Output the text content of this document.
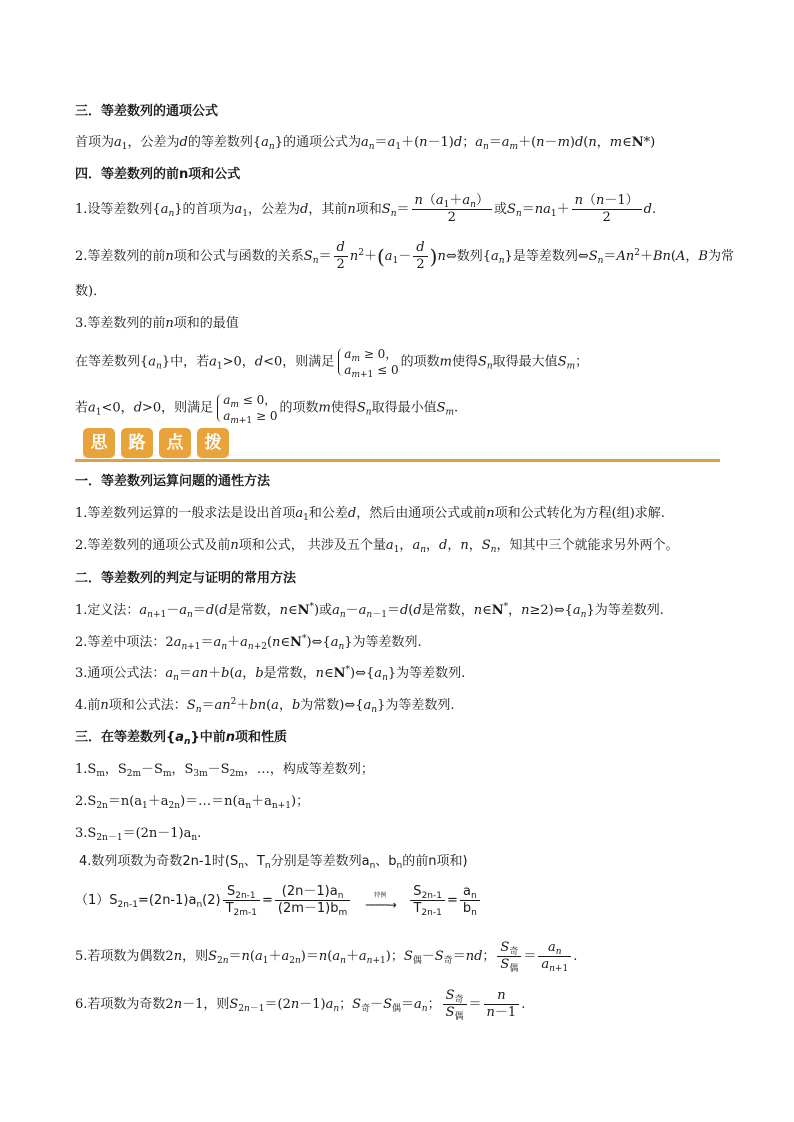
三．等差数列的通项公式
首项为$a_1$，公差为d的等差数列$\{a_n\}$的通项公式为$a_n=a_1+(n-1)d$；$a_n=a_m+(n-m)d(n$，m∈N*)
四．等差数列的前n项和公式
1.设等差数列$\{a_n\}$的首项为$a_1$，公差为d，其前n项和$S_n= \frac{n(a_1+a_n)}{2}$ 或$S_n=na_1+ \frac{n(n-1)}{2} d$.
2.等差数列的前n项和公式与函数的关系$S_n= \frac{d}{2} n^2+(a_1- \frac{d}{2}$ )n⇔数列$\{a_n\}$是等差数列$\Leftrightarrow S_n=An^2+Bn(A$，B为常
数)．
3.等差数列的前n项和的最值
在等差数列$\{a_n\}$中，若$a_1>0$，d<0，则满足
$a_m \ge 0$，
$a_{m+1} \le 0$
的项数m使得$S_n$取得最大值$S_m$；
若$a_1<0$，d>0，则满足
$a_m \le 0$，
$a_{m+1} \ge 0$
的项数m使得$S_n$取得最小值$S_m$.
思	路	点	拨
一．等差数列运算问题的通性方法
1.等差数列运算的一般求法是设出首项$a_1$和公差d，然后由通项公式或前n项和公式转化为方程(组)求解.
2.等差数列的通项公式及前n项和公式， 共涉及五个量$a_1$，$a_n$，d，n，$S_n$，知其中三个就能求另外两个。
二．等差数列的判定与证明的常用方法
1.定义法：$a_{n+1}-a_n=d(d$是常数，n∈N*)或$a_n-a_{n-1}=d(d$是常数，n∈N*，$n\ge 2)\Leftrightarrow\{a_n\}$为等差数列.
2.等差中项法：$2a_{n+1}=a_n+a_{n+2}(n\in N^*)\Leftrightarrow\{a_n\}$为等差数列.
3.通项公式法：$a_n=an+b(a$，b是常数，$n\in N^*)\Leftrightarrow\{a_n\}$为等差数列.
4.前n项和公式法：$S_n=an^2+bn(a$，b为常数)$\Leftrightarrow\{a_n\}$为等差数列.
三．在等差数列$\{a_n\}$中前n项和性质
$1.S_m$，$S_{2m}-S_m$，$S_{3m}-S_{2m}$，…，构成等差数列；
$2.S_{2n}=n(a_1+a_{2n})=\dots=n(a_n+a_{n+1})$；
$3.S_{2n-1}=(2n-1)a_n$.
4.数列项数为奇数2n-1时($S_n$、$T_n$分别是等差数列$a_n$、$b_n$的前n项和)
$(1)S_{2n-1}=(2n-1)a_n(2) \frac{S_{2n-1}}{T_{2m-1}} = \frac{(2n-1)a_n}{(2m-1)b_m}$	特例
────→	$\frac{S_{2n-1}}{T_{2n-1}} = \frac{a_n}{b_n}$
5.若项数为偶数2n，则$S_{2n}=n(a_1+a_{2n})=n(a_n+a_{n+1})$；$S_偶-S_奇=nd$； $\frac{S_奇}{S_偶} = \frac{a_n}{a_{n+1}}$ .
6.若项数为奇数2n－1，则$S_{2n-1}=(2n-1)a_n$；$S_奇-S_偶=a_n$； $\frac{S_奇}{S_偶} = \frac{n}{n-1}$ .
